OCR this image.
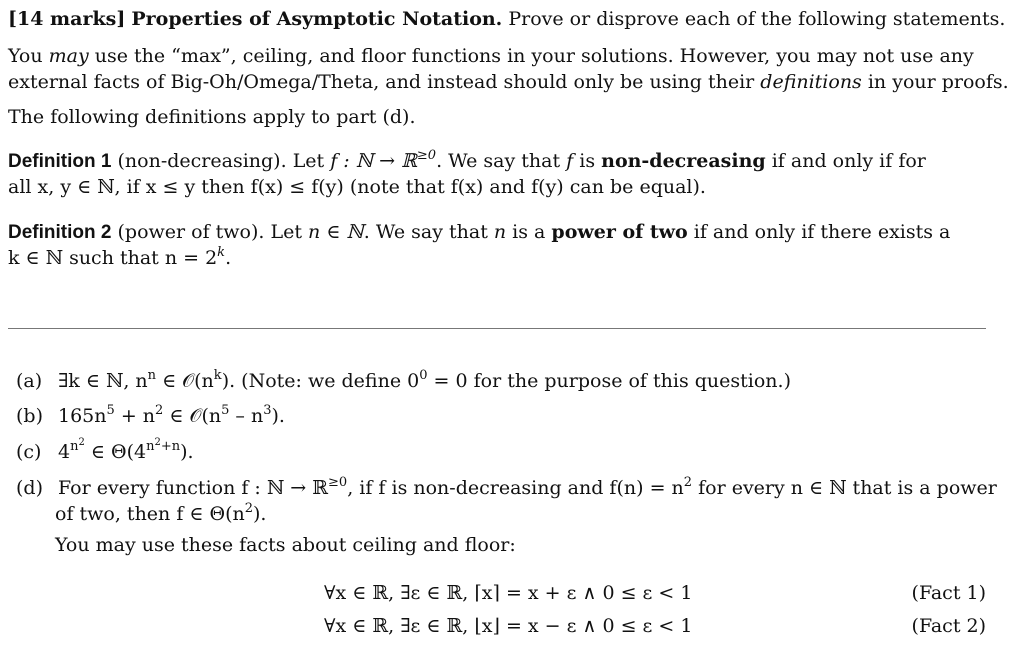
[14 marks] Properties of Asymptotic Notation. Prove or disprove each of the following statements.
You may use the “max”, ceiling, and floor functions in your solutions. However, you may not use any
external facts of Big-Oh/Omega/Theta, and instead should only be using their definitions in your proofs.
The following definitions apply to part (d).
Definition 1 (non-decreasing). Let f : ℕ → ℝ$^{\ge 0}$. We say that f is non-decreasing if and only if for
all x, y ∈ ℕ, if x ≤ y then f(x) ≤ f(y) (note that f(x) and f(y) can be equal).
Definition 2 (power of two). Let n ∈ ℕ. We say that n is a power of two if and only if there exists a
k ∈ ℕ such that $n = 2^k$.
(a) ∃k ∈ ℕ, $n^n$ ∈ $𝒪(n^k)$. (Note: we define $0^0 = 0$ for the purpose of this question.)
(b) $165n^5 + n^2$ ∈ $𝒪(n^5 - n^3)$.
(c) $4^{n^2}$ ∈ $\Theta(4^{n^2+n})$.
(d) For every function f : ℕ → ℝ$^{\ge 0}$, if f is non-decreasing and $f(n) = n^2$ for every n ∈ ℕ that is a power
of two, then f ∈ $\Theta(n^2)$.
You may use these facts about ceiling and floor:
∀x ∈ ℝ, ∃ε ∈ ℝ, ⌈x⌉ = x + ε ∧ 0 ≤ ε < 1	(Fact 1)
∀x ∈ ℝ, ∃ε ∈ ℝ, ⌊x⌋ = x − ε ∧ 0 ≤ ε < 1	(Fact 2)
